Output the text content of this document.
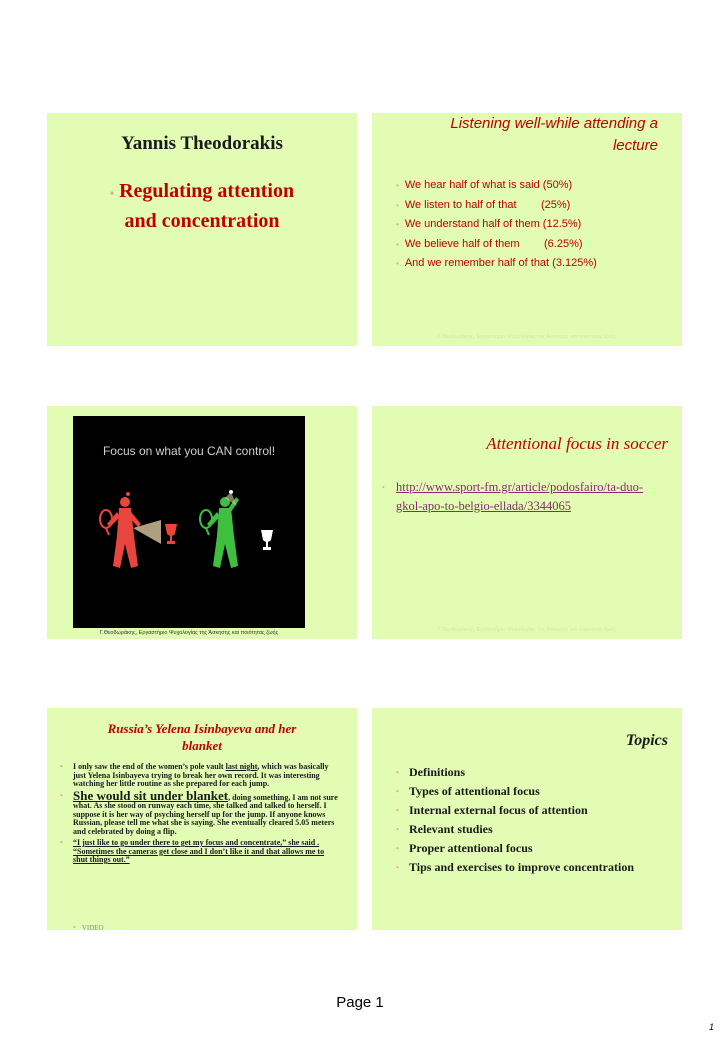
Yannis Theodorakis
• Regulating attention
and concentration
Listening well-while attending a
lecture
• We hear half of what is said (50%)
• We listen to half of that        (25%)
• We understand half of them (12.5%)
• We believe half of them        (6.25%)
• And we remember half of that (3.125%)
Γ.Θεοδωράκης, Εργαστήριο Ψυχολογίας της Άσκησης και ποιότητας ζωής
Focus on what you CAN control!
Γ.Θεοδωράκης, Εργαστήριο Ψυχολογίας της Άσκησης και ποιότητας ζωής
Attentional focus in soccer
• http://www.sport-fm.gr/article/podosfairo/ta-duo-gkol-apo-to-belgio-ellada/3344065
Γ.Θεοδωράκης, Εργαστήριο Ψυχολογίας της Άσκησης και ποιότητας ζωής
Russia’s Yelena Isinbayeva and her
blanket
• I only saw the end of the women’s pole vault last night, which was basically just Yelena Isinbayeva trying to break her own record. It was interesting watching her little routine as she prepared for each jump.
• She would sit under blanket, doing something, I am not sure what. As she stood on runway each time, she talked and talked to herself. I suppose it is her way of psyching herself up for the jump. If anyone knows Russian, please tell me what she is saying. She eventually cleared 5.05 meters and celebrated by doing a flip.
• “I just like to go under there to get my focus and concentrate,” she said . “Sometimes the cameras get close and I don’t like it and that allows me to shut things out.”
• VIDEO
Topics
• Definitions
• Types of attentional focus
• Internal external focus of attention
• Relevant studies
• Proper attentional focus
• Tips and exercises to improve concentration
Page 1
1
